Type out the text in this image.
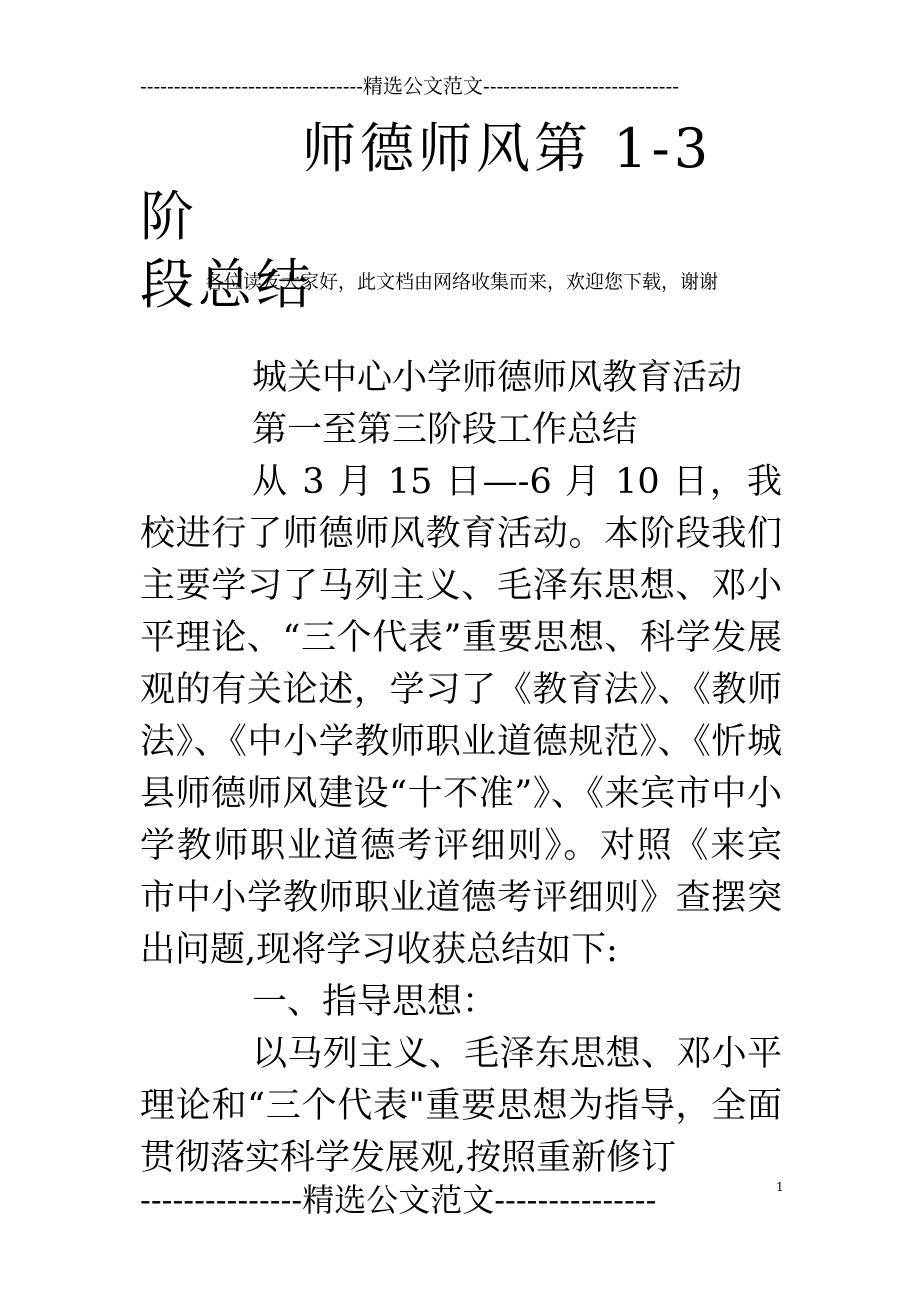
---------------------------------精选公文范文-----------------------------
师德师风第 1-3 阶
段总结
各位读友大家好，此文档由网络收集而来，欢迎您下载，谢谢

城关中心小学师德师风教育活动

第一至第三阶段工作总结

从 3 月 15 日—-6 月 10 日，我校进行了师德师风教育活动。本阶段我们主要学习了马列主义、毛泽东思想、邓小平理论、“三个代表”重要思想、科学发展观的有关论述，学习了《教育法》、《教师法》、《中小学教师职业道德规范》、《忻城县师德师风建设“十不准”》、《来宾市中小学教师职业道德考评细则》。对照《来宾市中小学教师职业道德考评细则》查摆突出问题,现将学习收获总结如下:

一、指导思想：

以马列主义、毛泽东思想、邓小平理论和“三个代表"重要思想为指导，全面贯彻落实科学发展观,按照重新修订

1
---------------精选公文范文---------------
